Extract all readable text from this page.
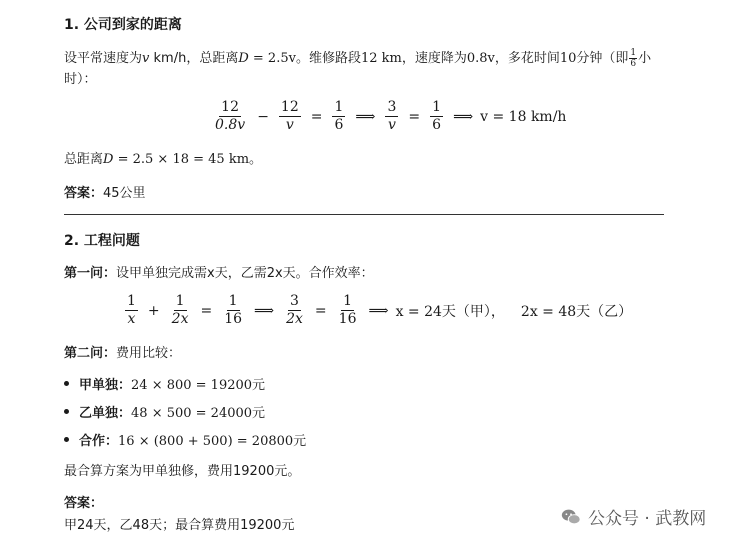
1. 公司到家的距离
设平常速度为v km/h，总距离D = 2.5v。维修路段12 km，速度降为0.8v，多花时间10分钟（即 $\frac{1}{6}$ 小
时）：
$\frac{12}{0.8v} - \frac{12}{v} = \frac{1}{6}$ ⟹ $\frac{3}{v} = \frac{1}{6}$ ⟹ v = 18 km/h
总距离D = 2.5 × 18 = 45 km。
答案：45公里
2. 工程问题
第一问：设甲单独完成需x天，乙需2x天。合作效率：
$\frac{1}{x} + \frac{1}{2x} = \frac{1}{16}$ ⟹ $\frac{3}{2x} = \frac{1}{16}$ ⟹ x = 24天（甲）， 2x = 48天（乙）
第二问：费用比较：
甲单独： 24 × 800 = 19200元
乙单独： 48 × 500 = 24000元
合作： 16 × (800 + 500) = 20800元
最合算方案为甲单独修，费用19200元。
答案：
甲24天，乙48天；最合算费用19200元	公众号 · 武教网
